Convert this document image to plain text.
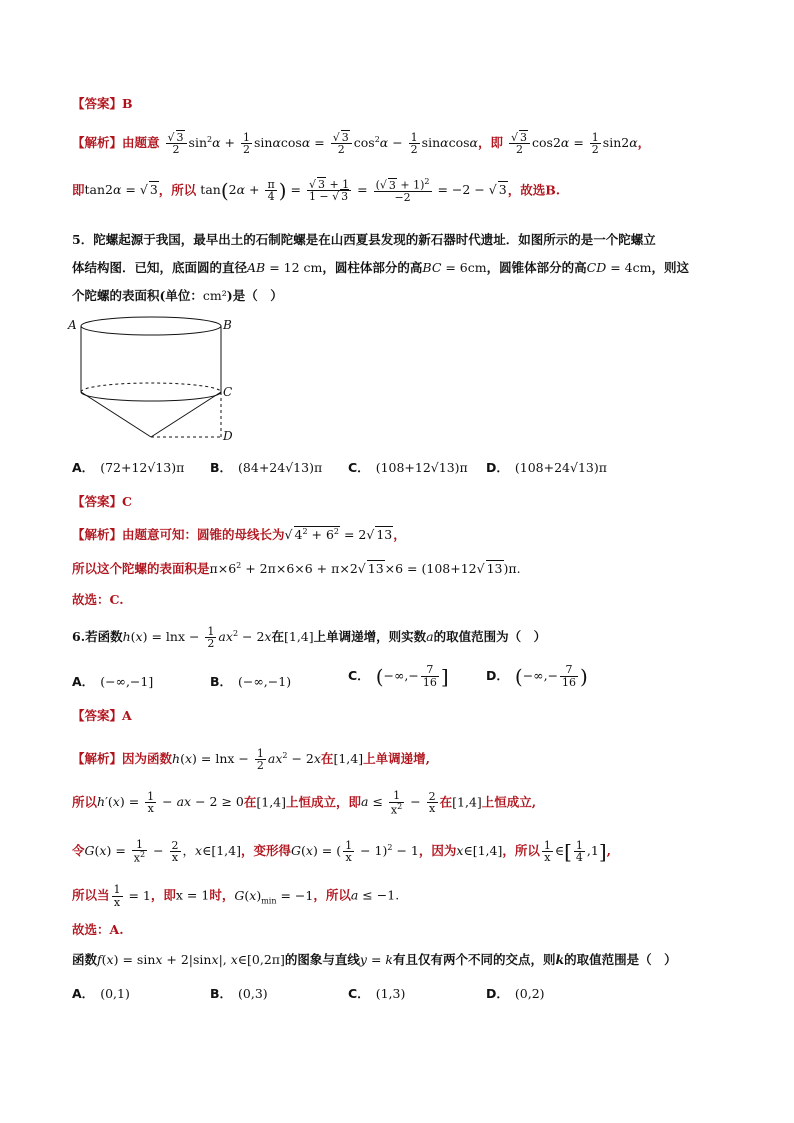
【答案】B
【解析】由题意 $\frac{√ 3}{2} \sin^2\alpha + \frac{1}{2}$ $\sin\alpha\cos\alpha = \frac{√ 3}{2} \cos^2\alpha - \frac{1}{2}$ sinαcosα，即 $\frac{√ 3}{2} \cos 2\alpha = \frac{1}{2} \sin 2\alpha$，
即tan2α = √ 3，所以 $\tan(2\alpha + \frac{\pi}{4}$ ) = $\frac{√ 3 + 1}{1 - √ 3} = \frac{(√ 3 + 1)^2}{-2} = -2$ − √ 3，故选B.
5．陀螺起源于我国，最早出土的石制陀螺是在山西夏县发现的新石器时代遗址．如图所示的是一个陀螺立
体结构图．已知，底面圆的直径AB = 12 cm，圆柱体部分的高BC = 6cm，圆锥体部分的高CD = 4cm，则这
个陀螺的表面积(单位：cm²)是（　）
A	B
C
D
A． (72+12√13)π B． (84+24√13)π C． (108+12√13)π D． (108+24√13)π
【答案】C
【解析】由题意可知：圆锥的母线长为√ $4^2 + 6^2 = 2√$ 13，
所以这个陀螺的表面积是$\pi\times 6^2 + 2\pi\times 6\times 6 + \pi\times 2√$ 13×6 = (108+12√ 13)π.
故选：C.
6.若函数$h(x) = \ln x - \frac{1}{2} ax^2 - 2x$在[1,4]上单调递增，则实数a的取值范围为（　）
A． (−∞,−1]	B． (−∞,−1)	C． (−∞,− $\frac{7}{16}$ ]	D． (−∞,− $\frac{7}{16}$ )
【答案】A
【解析】因为函数$h(x) = \ln x - \frac{1}{2} ax^2 - 2x$在[1,4]上单调递增,
所以$h'(x) = \frac{1}{x}$ − ax − 2 ≥ 0在[1,4]上恒成立，即$a \le \frac{1}{x^2} - \frac{2}{x}$ 在[1,4]上恒成立,
令$G(x) = \frac{1}{x^2} - \frac{2}{x}$ ，x∈[1,4]，变形得G(x) = ( $\frac{1}{x} - 1)^2 - 1$，因为x∈[1,4]，所以 $\frac{1}{x}$ ∈[ $\frac{1}{4} ,1$],
所以当 $\frac{1}{x} = 1$，即x = 1时，$G(x)_{min} = -1$，所以a ≤ −1.
故选：A.
函数f(x) = sinx + 2|sinx|, x∈[0,2π]的图象与直线y = k有且仅有两个不同的交点，则k的取值范围是（　）
A． (0,1)	B． (0,3)	C． (1,3)	D． (0,2)
